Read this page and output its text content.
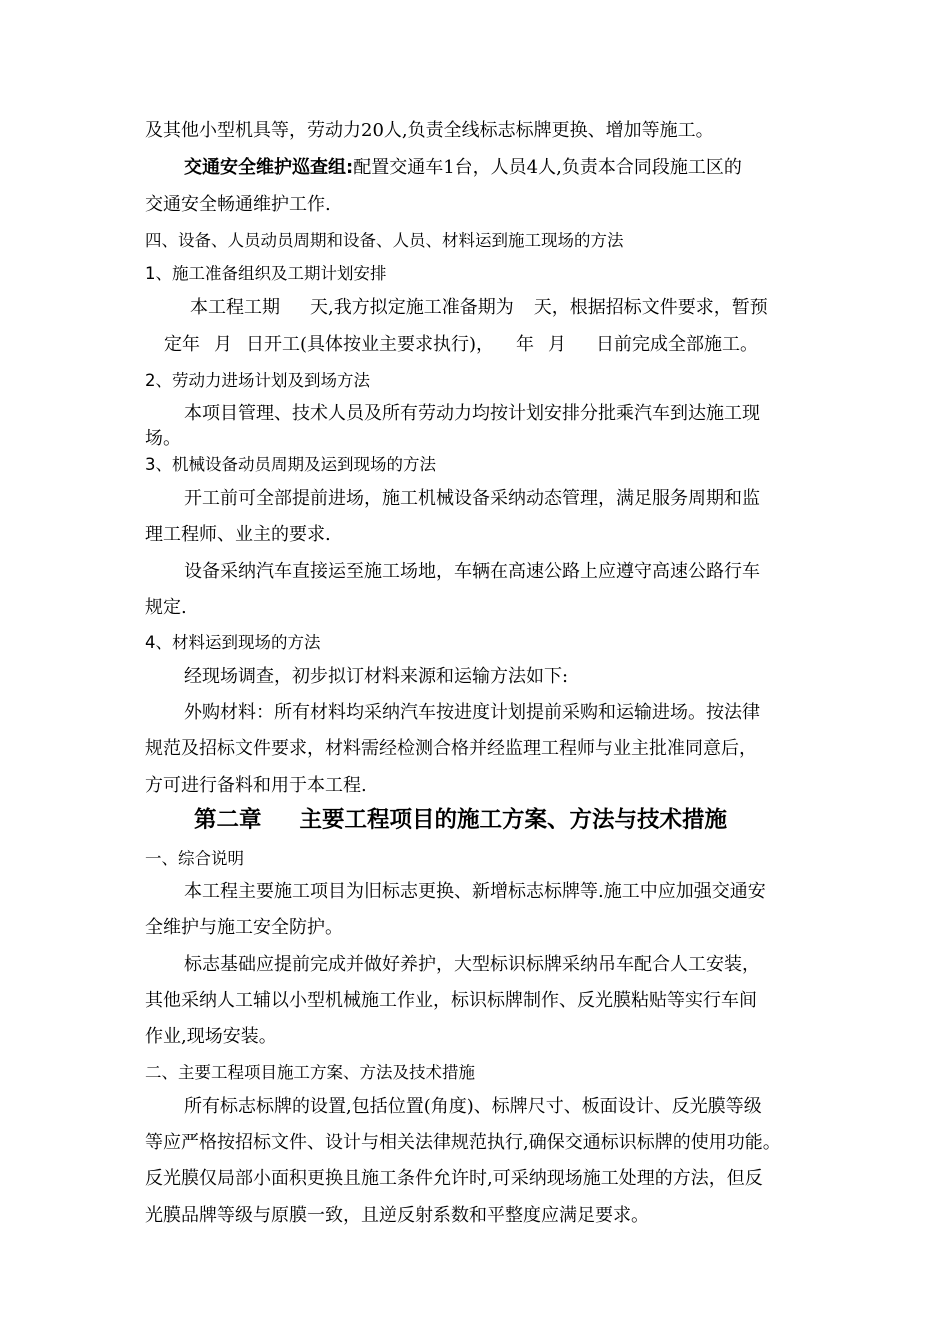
及其他小型机具等，劳动力20人,负责全线标志标牌更换、增加等施工。
交通安全维护巡查组:配置交通车1台，人员4人,负责本合同段施工区的
交通安全畅通维护工作.
四、设备、人员动员周期和设备、人员、材料运到施工现场的方法
1、施工准备组织及工期计划安排
本工程工期 天,我方拟定施工准备期为 天，根据招标文件要求，暂预
定年 月 日开工(具体按业主要求执行)， 年 月 日前完成全部施工。
2、劳动力进场计划及到场方法
本项目管理、技术人员及所有劳动力均按计划安排分批乘汽车到达施工现
场。
3、机械设备动员周期及运到现场的方法
开工前可全部提前进场，施工机械设备采纳动态管理，满足服务周期和监
理工程师、业主的要求.
设备采纳汽车直接运至施工场地，车辆在高速公路上应遵守高速公路行车
规定.
4、材料运到现场的方法
经现场调查，初步拟订材料来源和运输方法如下:
外购材料：所有材料均采纳汽车按进度计划提前采购和运输进场。按法律
规范及招标文件要求，材料需经检测合格并经监理工程师与业主批准同意后，
方可进行备料和用于本工程.
第二章 主要工程项目的施工方案、方法与技术措施
一、综合说明
本工程主要施工项目为旧标志更换、新增标志标牌等.施工中应加强交通安
全维护与施工安全防护。
标志基础应提前完成并做好养护，大型标识标牌采纳吊车配合人工安装，
其他采纳人工辅以小型机械施工作业，标识标牌制作、反光膜粘贴等实行车间
作业,现场安装。
二、主要工程项目施工方案、方法及技术措施
所有标志标牌的设置,包括位置(角度)、标牌尺寸、板面设计、反光膜等级
等应严格按招标文件、设计与相关法律规范执行,确保交通标识标牌的使用功能。
反光膜仅局部小面积更换且施工条件允许时,可采纳现场施工处理的方法，但反
光膜品牌等级与原膜一致，且逆反射系数和平整度应满足要求。
